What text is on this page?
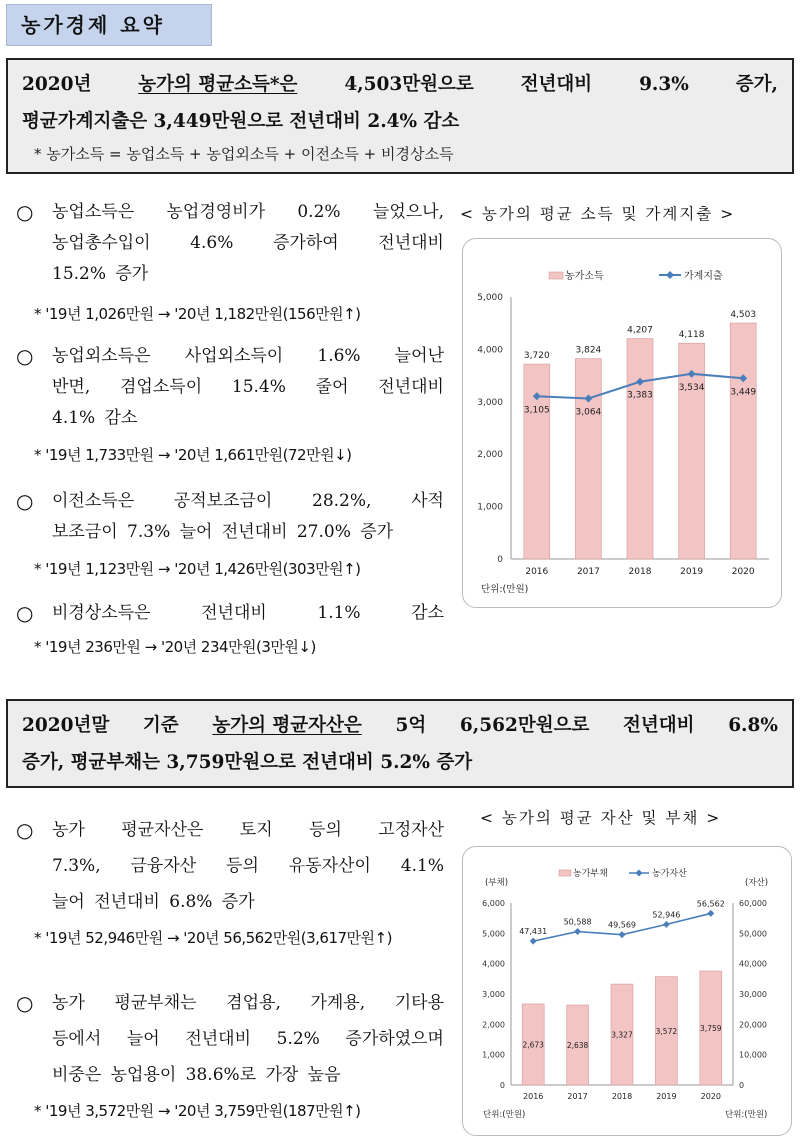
농가경제 요약
2020년	농가의 평균소득*은	4,503만원으로	전년대비	9.3%	증가,
평균가계지출은 3,449만원으로 전년대비 2.4% 감소
* 농가소득 = 농업소득 + 농업외소득 + 이전소득 + 비경상소득
○ 농업소득은 농업경영비가 0.2% 늘었으나,
농업총수입이 4.6% 증가하여 전년대비
15.2% 증가
* '19년 1,026만원 → '20년 1,182만원(156만원↑)
○ 농업외소득은 사업외소득이 1.6% 늘어난
반면, 겸업소득이 15.4% 줄어 전년대비
4.1% 감소
* '19년 1,733만원 → '20년 1,661만원(72만원↓)
○ 이전소득은 공적보조금이 28.2%, 사적
보조금이 7.3% 늘어 전년대비 27.0% 증가
* '19년 1,123만원 → '20년 1,426만원(303만원↑)
○ 비경상소득은	전년대비	1.1%	감소
* '19년 236만원 → '20년 234만원(3만원↓)
< 농가의 평균 소득 및 가계지출 >
0
1,000
2,000
3,000
4,000
5,000
3,720
2016
3,824
2017
4,207
2018
4,118
2019
4,503
2020
3,105	3,064
3,383
3,534	3,449
농가소득	가계지출
단위:(만원)
2020년말 기준 농가의 평균자산은 5억 6,562만원으로 전년대비 6.8%
증가, 평균부채는 3,759만원으로 전년대비 5.2% 증가
○ 농가 평균자산은 토지 등의 고정자산
7.3%, 금융자산 등의 유동자산이 4.1%
늘어 전년대비 6.8% 증가
* '19년 52,946만원 → '20년 56,562만원(3,617만원↑)
○ 농가 평균부채는 겸업용, 가계용, 기타용
등에서 늘어 전년대비 5.2% 증가하였으며
비중은 농업용이 38.6%로 가장 높음
* '19년 3,572만원 → '20년 3,759만원(187만원↑)
< 농가의 평균 자산 및 부채 >
0
1,000
2,000
3,000
4,000
5,000
6,000
0
10,000
20,000
30,000
40,000
50,000
60,000
2,673
2016
2,638
2017
3,327
2018
3,572
2019
3,759
2020
47,431
50,588 49,569
52,946
56,562
농가부채	농가자산
(부채)	(자산)
단위:(만원)	단위:(만원)
